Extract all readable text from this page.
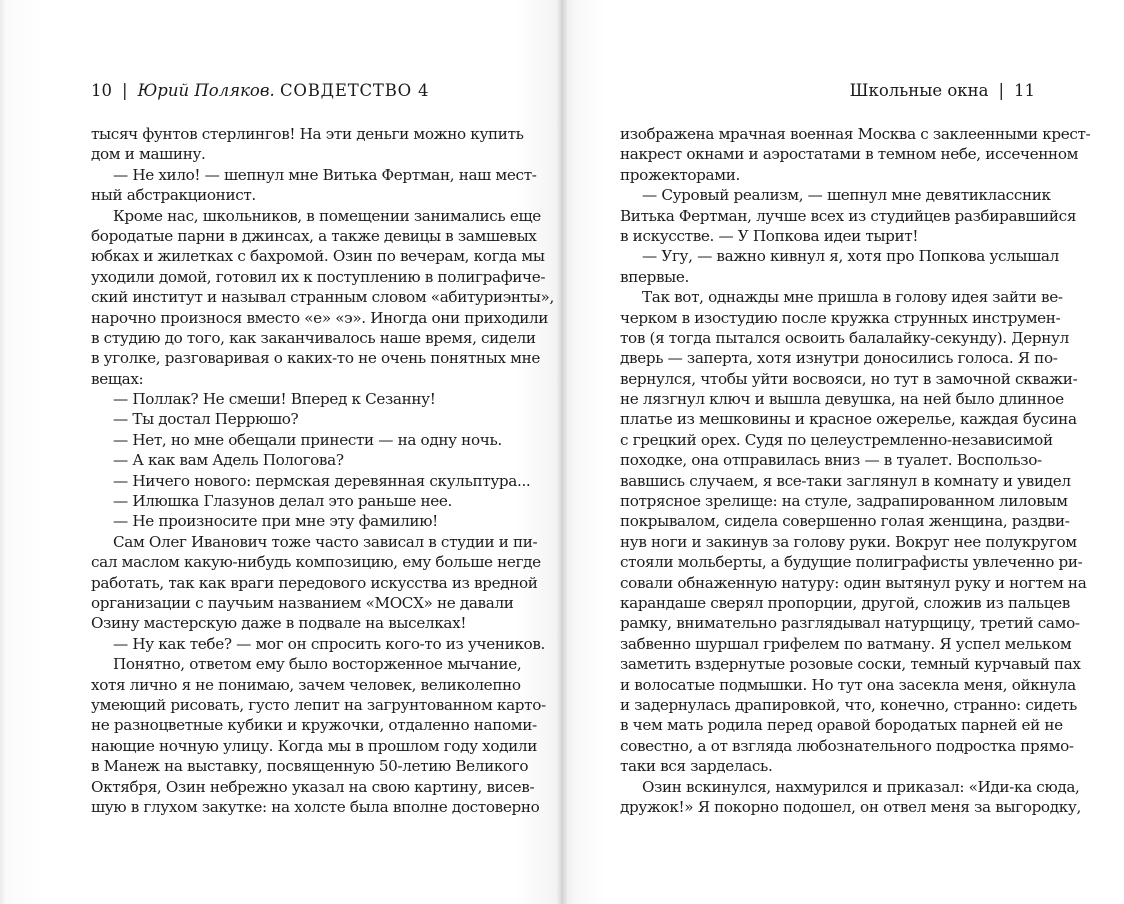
10 | Юрий Поляков. СОВДЕТСТВО 4
тысяч фунтов стерлингов! На эти деньги можно купить
дом и машину.
— Не хило! — шепнул мне Витька Фертман, наш мест-
ный абстракционист.
Кроме нас, школьников, в помещении занимались еще
бородатые парни в джинсах, а также девицы в замшевых
юбках и жилетках с бахромой. Озин по вечерам, когда мы
уходили домой, готовил их к поступлению в полиграфиче-
ский институт и называл странным словом «абитуриэнты»,
нарочно произнося вместо «е» «э». Иногда они приходили
в студию до того, как заканчивалось наше время, сидели
в уголке, разговаривая о каких-то не очень понятных мне
вещах:
— Поллак? Не смеши! Вперед к Сезанну!
— Ты достал Перрюшо?
— Нет, но мне обещали принести — на одну ночь.
— А как вам Адель Пологова?
— Ничего нового: пермская деревянная скульптура...
— Илюшка Глазунов делал это раньше нее.
— Не произносите при мне эту фамилию!
Сам Олег Иванович тоже часто зависал в студии и пи-
сал маслом какую-нибудь композицию, ему больше негде
работать, так как враги передового искусства из вредной
организации с паучьим названием «МОСХ» не давали
Озину мастерскую даже в подвале на выселках!
— Ну как тебе? — мог он спросить кого-то из учеников.
Понятно, ответом ему было восторженное мычание,
хотя лично я не понимаю, зачем человек, великолепно
умеющий рисовать, густо лепит на загрунтованном карто-
не разноцветные кубики и кружочки, отдаленно напоми-
нающие ночную улицу. Когда мы в прошлом году ходили
в Манеж на выставку, посвященную 50-летию Великого
Октября, Озин небрежно указал на свою картину, висев-
шую в глухом закутке: на холсте была вполне достоверно
Школьные окна | 11
изображена мрачная военная Москва с заклеенными крест-
накрест окнами и аэростатами в темном небе, иссеченном
прожекторами.
— Суровый реализм, — шепнул мне девятиклассник
Витька Фертман, лучше всех из студийцев разбиравшийся
в искусстве. — У Попкова идеи тырит!
— Угу, — важно кивнул я, хотя про Попкова услышал
впервые.
Так вот, однажды мне пришла в голову идея зайти ве-
черком в изостудию после кружка струнных инструмен-
тов (я тогда пытался освоить балалайку-секунду). Дернул
дверь — заперта, хотя изнутри доносились голоса. Я по-
вернулся, чтобы уйти восвояси, но тут в замочной скважи-
не лязгнул ключ и вышла девушка, на ней было длинное
платье из мешковины и красное ожерелье, каждая бусина
с грецкий орех. Судя по целеустремленно-независимой
походке, она отправилась вниз — в туалет. Воспользо-
вавшись случаем, я все-таки заглянул в комнату и увидел
потрясное зрелище: на стуле, задрапированном лиловым
покрывалом, сидела совершенно голая женщина, раздви-
нув ноги и закинув за голову руки. Вокруг нее полукругом
стояли мольберты, а будущие полиграфисты увлеченно ри-
совали обнаженную натуру: один вытянул руку и ногтем на
карандаше сверял пропорции, другой, сложив из пальцев
рамку, внимательно разглядывал натурщицу, третий само-
забвенно шуршал грифелем по ватману. Я успел мельком
заметить вздернутые розовые соски, темный курчавый пах
и волосатые подмышки. Но тут она засекла меня, ойкнула
и задернулась драпировкой, что, конечно, странно: сидеть
в чем мать родила перед оравой бородатых парней ей не
совестно, а от взгляда любознательного подростка прямо-
таки вся зарделась.
Озин вскинулся, нахмурился и приказал: «Иди-ка сюда,
дружок!» Я покорно подошел, он отвел меня за выгородку,
